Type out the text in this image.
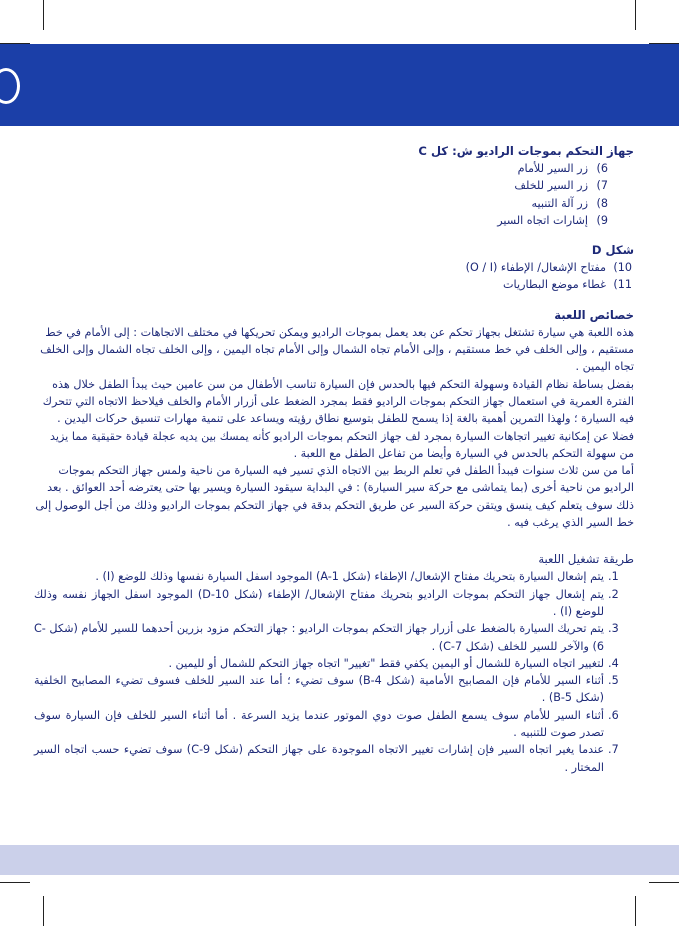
جهاز التحكم بموجات الراديو ش: كل C
6)
زر السير للأمام
7)
زر السير للخلف
8)
زر آلة التنبيه
9)
إشارات اتجاه السير
شكل D
10)
مفتاح الإشعال/ الإطفاء (O / I)
11)
غطاء موضع البطاريات
خصائص اللعبة

هذه اللعبة هي سيارة تشتغل بجهاز تحكم عن بعد يعمل بموجات الراديو ويمكن تحريكها في مختلف الاتجاهات : إلى الأمام في خط مستقيم ، وإلى الخلف في خط مستقيم ، وإلى الأمام تجاه الشمال وإلى الأمام تجاه اليمين ، وإلى الخلف تجاه الشمال وإلى الخلف تجاه اليمين .

بفضل بساطة نظام القيادة وسهولة التحكم فيها بالحدس فإن السيارة تناسب الأطفال من سن عامين حيث يبدأ الطفل خلال هذه الفترة العمرية في استعمال جهاز التحكم بموجات الراديو فقط بمجرد الضغط على أزرار الأمام والخلف فيلاحظ الاتجاه التي تتحرك فيه السيارة ؛ ولهذا التمرين أهمية بالغة إذا يسمح للطفل بتوسيع نطاق رؤيته ويساعد على تنمية مهارات تنسيق حركات اليدين . فضلا عن إمكانية تغيير اتجاهات السيارة بمجرد لف جهاز التحكم بموجات الراديو كأنه يمسك بين يديه عجلة قيادة حقيقية مما يزيد من سهولة التحكم بالحدس في السيارة وأيضا من تفاعل الطفل مع اللعبة .

أما من سن ثلاث سنوات فيبدأ الطفل في تعلم الربط بين الاتجاه الذي تسير فيه السيارة من ناحية ولمس جهاز التحكم بموجات الراديو من ناحية أخرى (بما يتماشى مع حركة سير السيارة) : في البداية سيقود السيارة ويسير بها حتى يعترضه أحد العوائق . بعد ذلك سوف يتعلم كيف ينسق ويتقن حركة السير عن طريق التحكم بدقة في جهاز التحكم بموجات الراديو وذلك من أجل الوصول إلى خط السير الذي يرغب فيه .

طريقة تشغيل اللعبة
1.
يتم إشعال السيارة بتحريك مفتاح الإشعال/ الإطفاء (شكل A-1) الموجود اسفل السيارة نفسها وذلك للوضع (I) .
2.
يتم إشعال جهاز التحكم بموجات الراديو بتحريك مفتاح الإشعال/ الإطفاء (شكل D-10) الموجود اسفل الجهاز نفسه وذلك للوضع (I) .
3.
يتم تحريك السيارة بالضغط على أزرار جهاز التحكم بموجات الراديو : جهاز التحكم مزود بزرين أحدهما للسير للأمام (شكل C-6) والآخر للسير للخلف (شكل C-7) .
4.
لتغيير اتجاه السيارة للشمال أو اليمين يكفي فقط "تغيير" اتجاه جهاز التحكم للشمال أو لليمين .
5.
أثناء السير للأمام فإن المصابيح الأمامية (شكل B-4) سوف تضيء ؛ أما عند السير للخلف فسوف تضيء المصابيح الخلفية (شكل B-5) .
6.
أثناء السير للأمام سوف يسمع الطفل صوت دوي الموتور عندما يزيد السرعة . أما أثناء السير للخلف فإن السيارة سوف تصدر صوت للتنبيه .
7.
عندما يغير اتجاه السير فإن إشارات تغيير الاتجاه الموجودة على جهاز التحكم (شكل C-9) سوف تضيء حسب اتجاه السير المختار .
